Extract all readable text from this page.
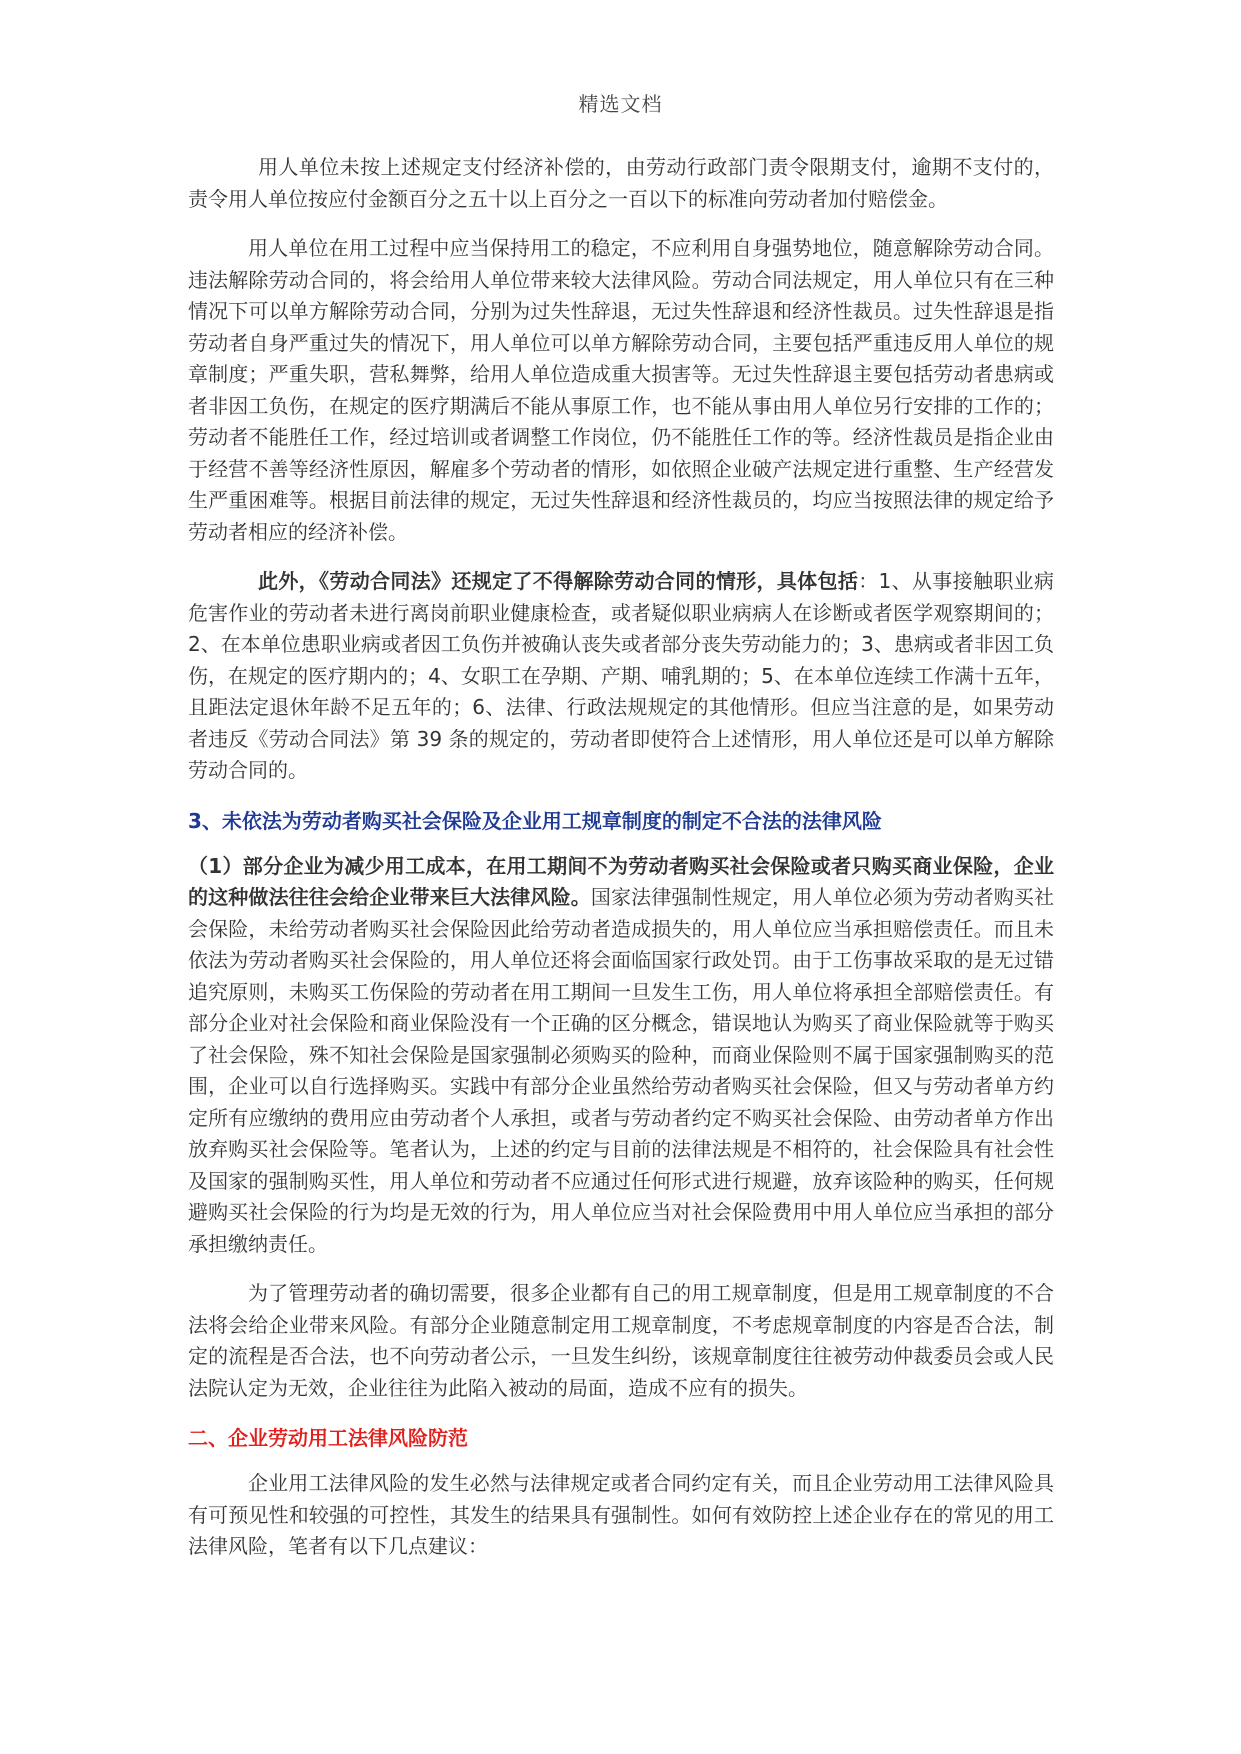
精选文档

用人单位未按上述规定支付经济补偿的，由劳动行政部门责令限期支付，逾期不支付的，责令用人单位按应付金额百分之五十以上百分之一百以下的标准向劳动者加付赔偿金。

用人单位在用工过程中应当保持用工的稳定，不应利用自身强势地位，随意解除劳动合同。违法解除劳动合同的，将会给用人单位带来较大法律风险。劳动合同法规定，用人单位只有在三种情况下可以单方解除劳动合同，分别为过失性辞退，无过失性辞退和经济性裁员。过失性辞退是指劳动者自身严重过失的情况下，用人单位可以单方解除劳动合同，主要包括严重违反用人单位的规章制度；严重失职，营私舞弊，给用人单位造成重大损害等。无过失性辞退主要包括劳动者患病或者非因工负伤，在规定的医疗期满后不能从事原工作，也不能从事由用人单位另行安排的工作的；劳动者不能胜任工作，经过培训或者调整工作岗位，仍不能胜任工作的等。经济性裁员是指企业由于经营不善等经济性原因，解雇多个劳动者的情形，如依照企业破产法规定进行重整、生产经营发生严重困难等。根据目前法律的规定，无过失性辞退和经济性裁员的，均应当按照法律的规定给予劳动者相应的经济补偿。

此外，《劳动合同法》还规定了不得解除劳动合同的情形，具体包括：1、从事接触职业病危害作业的劳动者未进行离岗前职业健康检查，或者疑似职业病病人在诊断或者医学观察期间的；2、在本单位患职业病或者因工负伤并被确认丧失或者部分丧失劳动能力的；3、患病或者非因工负伤，在规定的医疗期内的；4、女职工在孕期、产期、哺乳期的；5、在本单位连续工作满十五年，且距法定退休年龄不足五年的；6、法律、行政法规规定的其他情形。但应当注意的是，如果劳动者违反《劳动合同法》第 39 条的规定的，劳动者即使符合上述情形，用人单位还是可以单方解除劳动合同的。

3、未依法为劳动者购买社会保险及企业用工规章制度的制定不合法的法律风险

（1）部分企业为减少用工成本，在用工期间不为劳动者购买社会保险或者只购买商业保险，企业的这种做法往往会给企业带来巨大法律风险。国家法律强制性规定，用人单位必须为劳动者购买社会保险，未给劳动者购买社会保险因此给劳动者造成损失的，用人单位应当承担赔偿责任。而且未依法为劳动者购买社会保险的，用人单位还将会面临国家行政处罚。由于工伤事故采取的是无过错追究原则，未购买工伤保险的劳动者在用工期间一旦发生工伤，用人单位将承担全部赔偿责任。有部分企业对社会保险和商业保险没有一个正确的区分概念，错误地认为购买了商业保险就等于购买了社会保险，殊不知社会保险是国家强制必须购买的险种，而商业保险则不属于国家强制购买的范围，企业可以自行选择购买。实践中有部分企业虽然给劳动者购买社会保险，但又与劳动者单方约定所有应缴纳的费用应由劳动者个人承担，或者与劳动者约定不购买社会保险、由劳动者单方作出放弃购买社会保险等。笔者认为，上述的约定与目前的法律法规是不相符的，社会保险具有社会性及国家的强制购买性，用人单位和劳动者不应通过任何形式进行规避，放弃该险种的购买，任何规避购买社会保险的行为均是无效的行为，用人单位应当对社会保险费用中用人单位应当承担的部分承担缴纳责任。

为了管理劳动者的确切需要，很多企业都有自己的用工规章制度，但是用工规章制度的不合法将会给企业带来风险。有部分企业随意制定用工规章制度，不考虑规章制度的内容是否合法，制定的流程是否合法，也不向劳动者公示，一旦发生纠纷，该规章制度往往被劳动仲裁委员会或人民法院认定为无效，企业往往为此陷入被动的局面，造成不应有的损失。

二、企业劳动用工法律风险防范

企业用工法律风险的发生必然与法律规定或者合同约定有关，而且企业劳动用工法律风险具有可预见性和较强的可控性，其发生的结果具有强制性。如何有效防控上述企业存在的常见的用工法律风险，笔者有以下几点建议：
